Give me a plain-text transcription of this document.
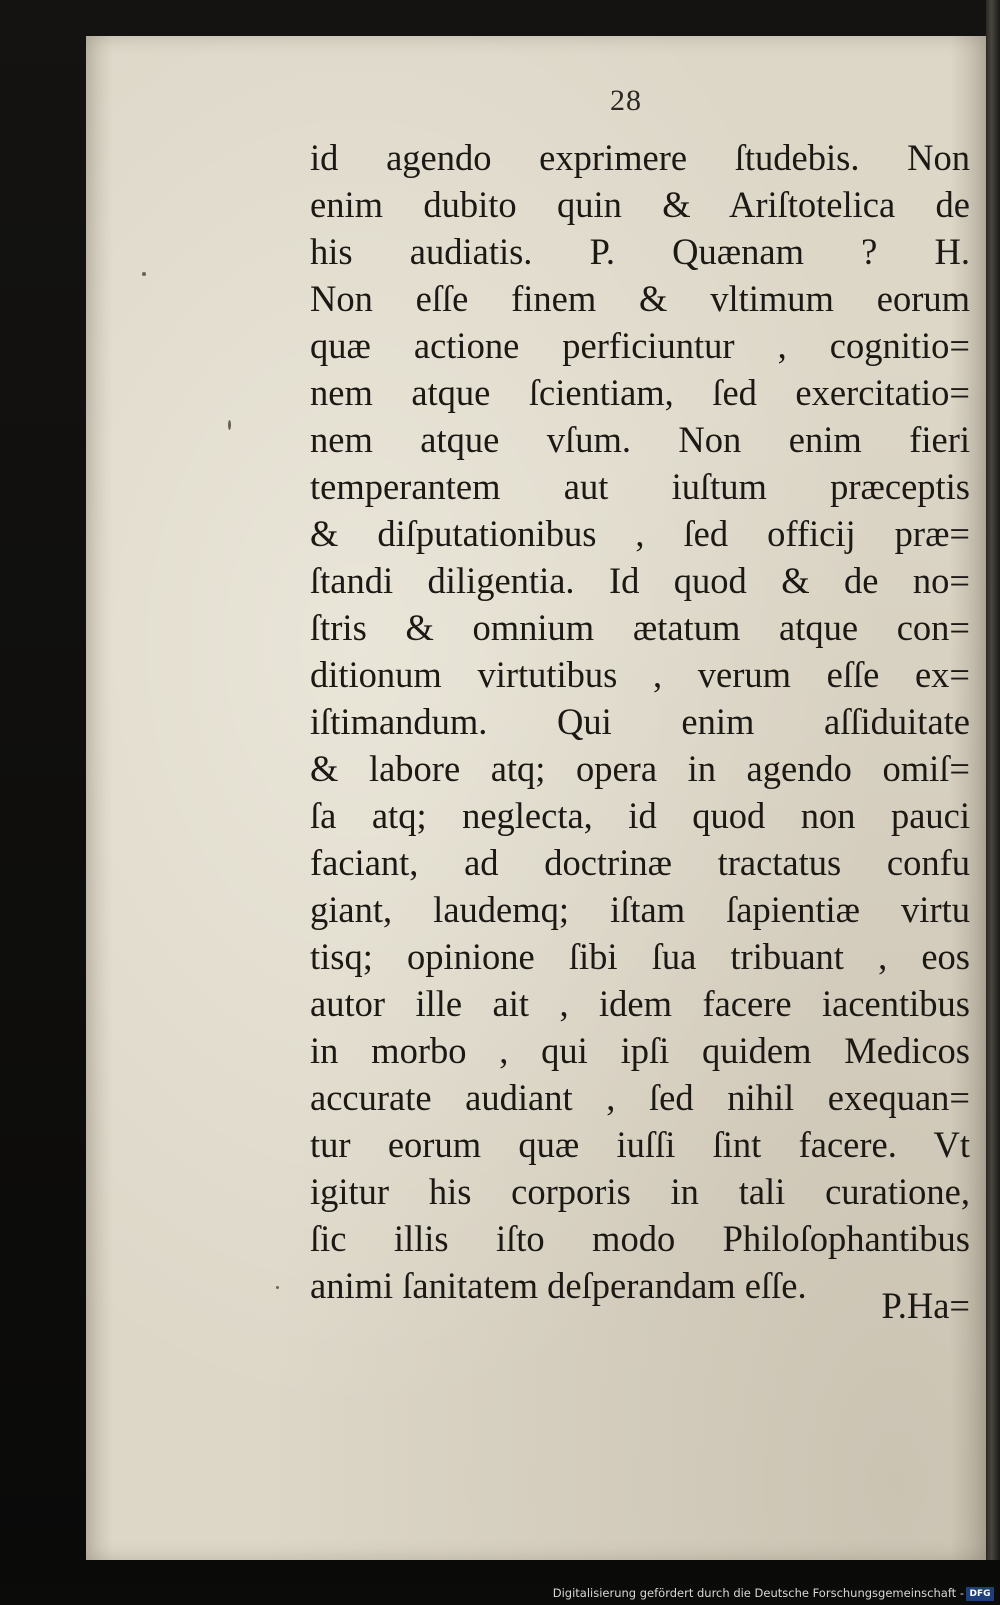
28
id agendo exprimere ſtudebis. Non
enim dubito quin & Ariſtotelica de
his audiatis. P. Quænam ? H.
Non eſſe finem & vltimum eorum
quæ actione perficiuntur , cognitio=
nem atque ſcientiam, ſed exercitatio=
nem atque vſum. Non enim fieri
temperantem aut iuſtum præceptis
& diſputationibus , ſed officij præ=
ſtandi diligentia. Id quod & de no=
ſtris & omnium ætatum atque con=
ditionum virtutibus , verum eſſe ex=
iſtimandum. Qui enim aſſiduitate
& labore atq; opera in agendo omiſ=
ſa atq; neglecta, id quod non pauci
faciant, ad doctrinæ tractatus confu
giant, laudemq; iſtam ſapientiæ virtu
tisq; opinione ſibi ſua tribuant , eos
autor ille ait , idem facere iacentibus
in morbo , qui ipſi quidem Medicos
accurate audiant , ſed nihil exequan=
tur eorum quæ iuſſi ſint facere. Vt
igitur his corporis in tali curatione,
ſic illis iſto modo Philoſophantibus
animi ſanitatem deſperandam eſſe.	P.Ha=
Digitalisierung gefördert durch die Deutsche Forschungsgemeinschaft - DFG
